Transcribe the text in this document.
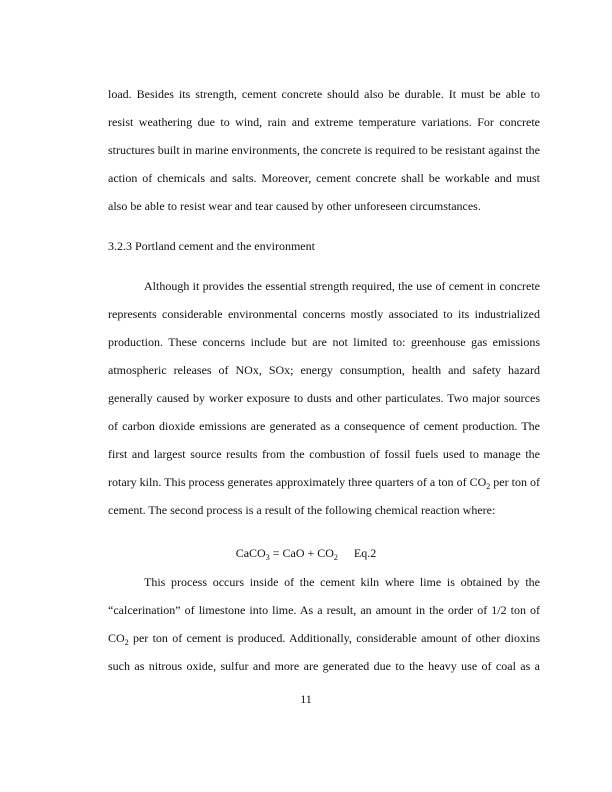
load. Besides its strength, cement concrete should also be durable. It must be able to
resist weathering due to wind, rain and extreme temperature variations. For concrete
structures built in marine environments, the concrete is required to be resistant against the
action of chemicals and salts. Moreover, cement concrete shall be workable and must
also be able to resist wear and tear caused by other unforeseen circumstances.
3.2.3 Portland cement and the environment
Although it provides the essential strength required, the use of cement in concrete
represents considerable environmental concerns mostly associated to its industrialized
production. These concerns include but are not limited to: greenhouse gas emissions
atmospheric releases of NOx, SOx; energy consumption, health and safety hazard
generally caused by worker exposure to dusts and other particulates. Two major sources
of carbon dioxide emissions are generated as a consequence of cement production. The
first and largest source results from the combustion of fossil fuels used to manage the
rotary kiln. This process generates approximately three quarters of a ton of $CO_2$ per ton of
cement. The second process is a result of the following chemical reaction where:
CaCO$_3$ = CaO + $CO_2$ Eq.2
This process occurs inside of the cement kiln where lime is obtained by the
“calcerination” of limestone into lime. As a result, an amount in the order of 1/2 ton of
$CO_2$ per ton of cement is produced. Additionally, considerable amount of other dioxins
such as nitrous oxide, sulfur and more are generated due to the heavy use of coal as a
11
